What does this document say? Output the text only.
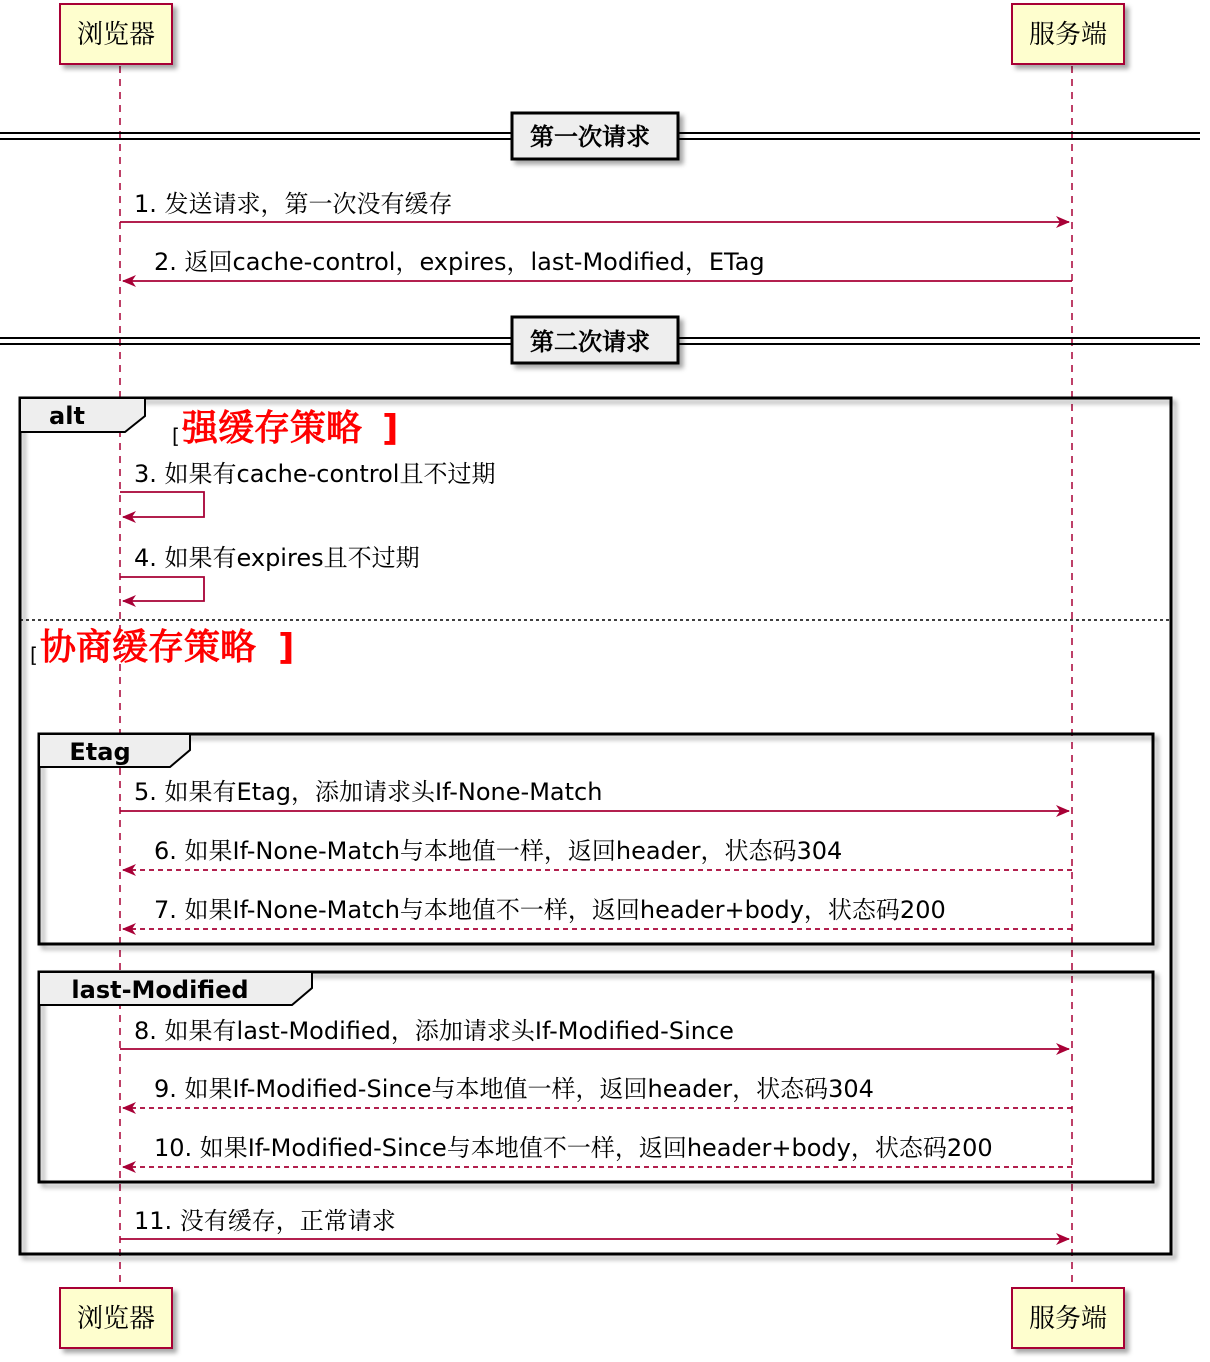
浏览器	服务端
第一次请求
1. 发送请求，第一次没有缓存
2. 返回cache-control，expires，last-Modified，ETag
第二次请求
alt
[ 强缓存策略 ]
[ 协商缓存策略 ]
3. 如果有cache-control且不过期
4. 如果有expires且不过期
Etag
5. 如果有Etag，添加请求头If-None-Match
6. 如果If-None-Match与本地值一样，返回header，状态码304
7. 如果If-None-Match与本地值不一样，返回header+body，状态码200
last-Modified
8. 如果有last-Modified，添加请求头If-Modified-Since
9. 如果If-Modified-Since与本地值一样，返回header，状态码304
10. 如果If-Modified-Since与本地值不一样，返回header+body，状态码200
11. 没有缓存，正常请求
浏览器	服务端
